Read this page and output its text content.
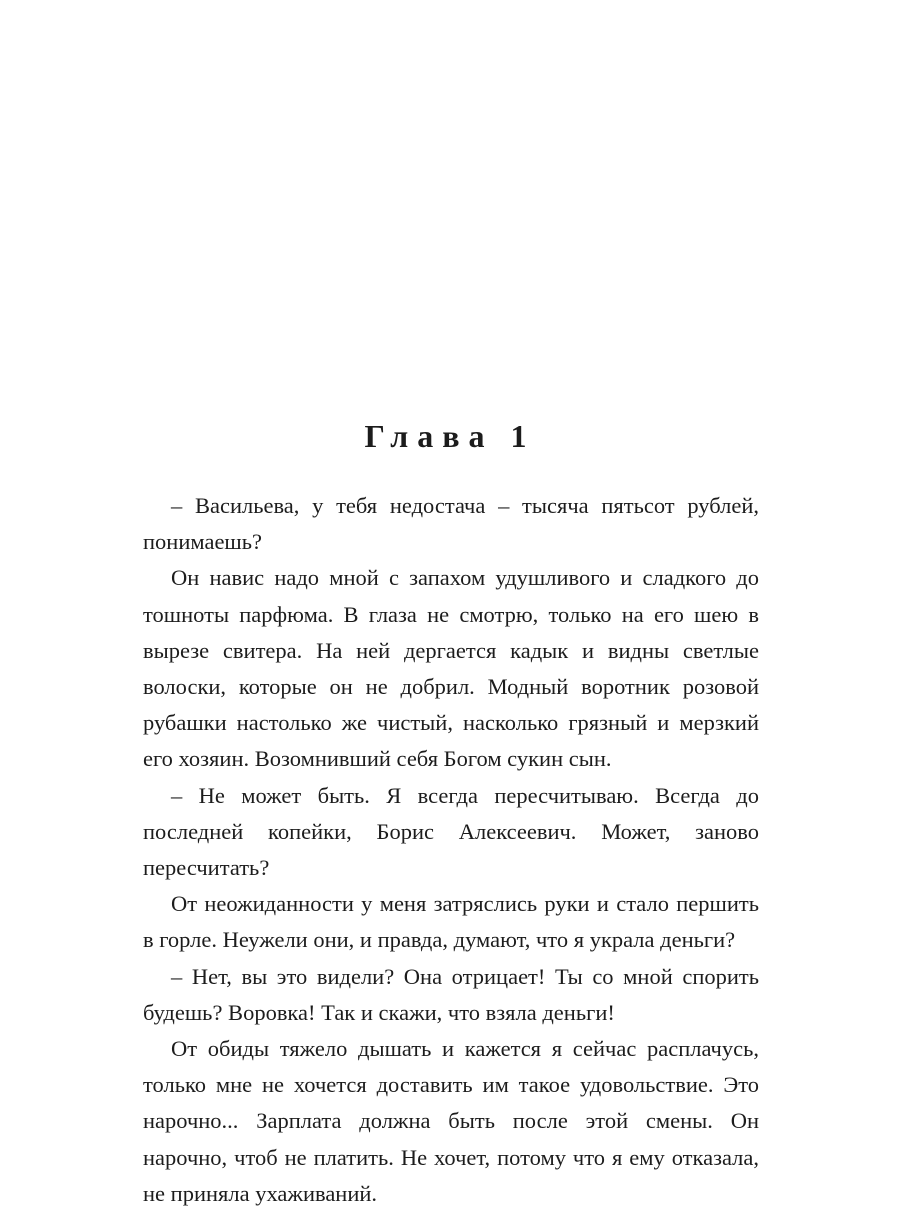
Глава 1

– Васильева, у тебя недостача – тысяча пятьсот рублей, понимаешь?

Он навис надо мной с запахом удушливого и сладкого до тошноты парфюма. В глаза не смотрю, только на его шею в вырезе свитера. На ней дергается кадык и видны светлые волоски, которые он не добрил. Модный воротник розовой рубашки настолько же чистый, насколько грязный и мерзкий его хозяин. Возомнивший себя Богом сукин сын.

– Не может быть. Я всегда пересчитываю. Всегда до последней копейки, Борис Алексеевич. Может, заново пересчитать?

От неожиданности у меня затряслись руки и стало першить в горле. Неужели они, и правда, думают, что я украла деньги?

– Нет, вы это видели? Она отрицает! Ты со мной спорить будешь? Воровка! Так и скажи, что взяла деньги!

От обиды тяжело дышать и кажется я сейчас расплачусь, только мне не хочется доставить им такое удовольствие. Это нарочно... Зарплата должна быть после этой смены. Он нарочно, чтоб не платить. Не хочет, потому что я ему отказала, не приняла ухаживаний.
